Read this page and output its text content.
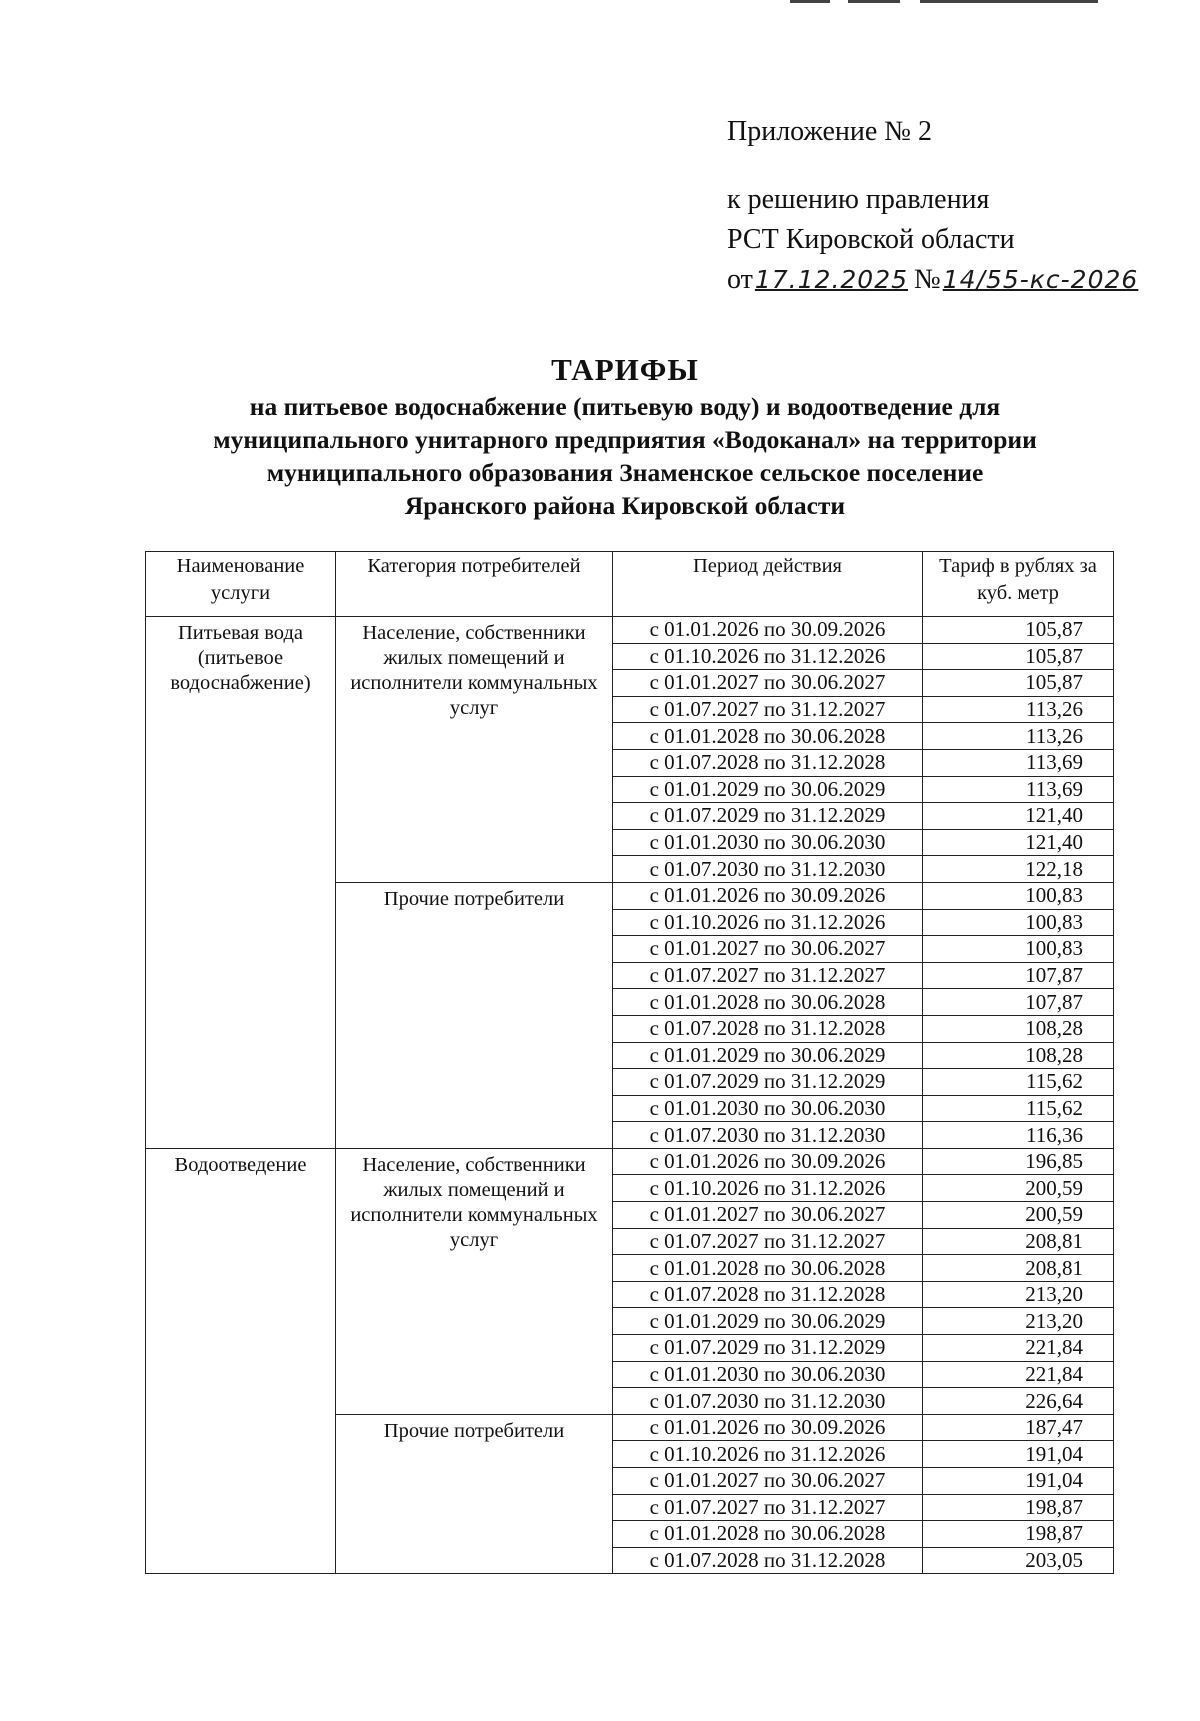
Приложение № 2
к решению правления
РСТ Кировской области
от 17.12.2025 № 14/55-кс-2026
ТАРИФЫ
на питьевое водоснабжение (питьевую воду) и водоотведение для
муниципального унитарного предприятия «Водоканал» на территории
муниципального образования Знаменское сельское поселение
Яранского района Кировской области
Наименование услуги	Категория потребителей	Период действия	Тариф в рублях за куб. метр
Питьевая вода (питьевое водоснабжение)	Население, собственники жилых помещений и исполнители коммунальных услуг	с 01.01.2026 по 30.09.2026	105,87
		с 01.10.2026 по 31.12.2026	105,87
		с 01.01.2027 по 30.06.2027	105,87
		с 01.07.2027 по 31.12.2027	113,26
		с 01.01.2028 по 30.06.2028	113,26
		с 01.07.2028 по 31.12.2028	113,69
		с 01.01.2029 по 30.06.2029	113,69
		с 01.07.2029 по 31.12.2029	121,40
		с 01.01.2030 по 30.06.2030	121,40
		с 01.07.2030 по 31.12.2030	122,18
	Прочие потребители	с 01.01.2026 по 30.09.2026	100,83
		с 01.10.2026 по 31.12.2026	100,83
		с 01.01.2027 по 30.06.2027	100,83
		с 01.07.2027 по 31.12.2027	107,87
		с 01.01.2028 по 30.06.2028	107,87
		с 01.07.2028 по 31.12.2028	108,28
		с 01.01.2029 по 30.06.2029	108,28
		с 01.07.2029 по 31.12.2029	115,62
		с 01.01.2030 по 30.06.2030	115,62
		с 01.07.2030 по 31.12.2030	116,36
Водоотведение	Население, собственники жилых помещений и исполнители коммунальных услуг	с 01.01.2026 по 30.09.2026	196,85
		с 01.10.2026 по 31.12.2026	200,59
		с 01.01.2027 по 30.06.2027	200,59
		с 01.07.2027 по 31.12.2027	208,81
		с 01.01.2028 по 30.06.2028	208,81
		с 01.07.2028 по 31.12.2028	213,20
		с 01.01.2029 по 30.06.2029	213,20
		с 01.07.2029 по 31.12.2029	221,84
		с 01.01.2030 по 30.06.2030	221,84
		с 01.07.2030 по 31.12.2030	226,64
	Прочие потребители	с 01.01.2026 по 30.09.2026	187,47
		с 01.10.2026 по 31.12.2026	191,04
		с 01.01.2027 по 30.06.2027	191,04
		с 01.07.2027 по 31.12.2027	198,87
		с 01.01.2028 по 30.06.2028	198,87
		с 01.07.2028 по 31.12.2028	203,05
